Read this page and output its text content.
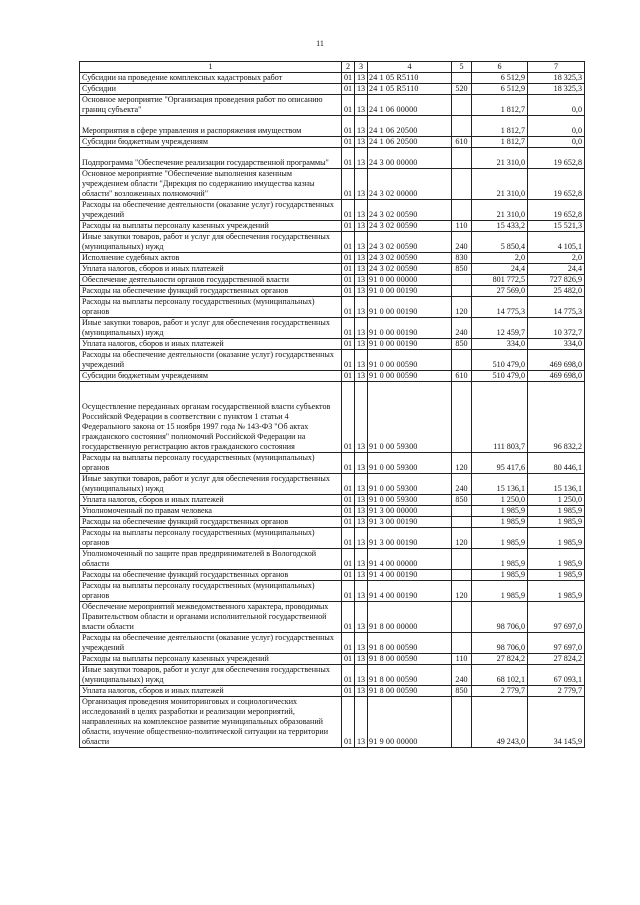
11
1	2	3	4	5	6	7
Субсидии на проведение комплексных кадастровых работ	01	13	24 1 05 R5110		6 512,9	18 325,3
Субсидии	01	13	24 1 05 R5110	520	6 512,9	18 325,3
Основное мероприятие "Организация проведения работ по описанию границ субъекта"	01	13	24 1 06 00000		1 812,7	0,0
Мероприятия в сфере управления и распоряжения имуществом	01	13	24 1 06 20500		1 812,7	0,0
Субсидии бюджетным учреждениям	01	13	24 1 06 20500	610	1 812,7	0,0
Подпрограмма "Обеспечение реализации государственной программы"	01	13	24 3 00 00000		21 310,0	19 652,8
Основное мероприятие "Обеспечение выполнения казенным учреждением области "Дирекция по содержанию имущества казны области" возложенных полномочий"	01	13	24 3 02 00000		21 310,0	19 652,8
Расходы на обеспечение деятельности (оказание услуг) государственных учреждений	01	13	24 3 02 00590		21 310,0	19 652,8
Расходы на выплаты персоналу казенных учреждений	01	13	24 3 02 00590	110	15 433,2	15 521,3
Иные закупки товаров, работ и услуг для обеспечения государственных (муниципальных) нужд	01	13	24 3 02 00590	240	5 850,4	4 105,1
Исполнение судебных актов	01	13	24 3 02 00590	830	2,0	2,0
Уплата налогов, сборов и иных платежей	01	13	24 3 02 00590	850	24,4	24,4
Обеспечение деятельности органов государственной власти	01	13	91 0 00 00000		801 772,5	727 826,9
Расходы на обеспечение функций государственных органов	01	13	91 0 00 00190		27 569,0	25 482,0
Расходы на выплаты персоналу государственных (муниципальных) органов	01	13	91 0 00 00190	120	14 775,3	14 775,3
Иные закупки товаров, работ и услуг для обеспечения государственных (муниципальных) нужд	01	13	91 0 00 00190	240	12 459,7	10 372,7
Уплата налогов, сборов и иных платежей	01	13	91 0 00 00190	850	334,0	334,0
Расходы на обеспечение деятельности (оказание услуг) государственных учреждений	01	13	91 0 00 00590		510 479,0	469 698,0
Субсидии бюджетным учреждениям	01	13	91 0 00 00590	610	510 479,0	469 698,0
Осуществление переданных органам государственной власти субъектов Российской Федерации в соответствии с пунктом 1 статьи 4 Федерального закона от 15 ноября 1997 года № 143-ФЗ "Об актах гражданского состояния" полномочий Российской Федерации на государственную регистрацию актов гражданского состояния	01	13	91 0 00 59300		111 803,7	96 832,2
Расходы на выплаты персоналу государственных (муниципальных) органов	01	13	91 0 00 59300	120	95 417,6	80 446,1
Иные закупки товаров, работ и услуг для обеспечения государственных (муниципальных) нужд	01	13	91 0 00 59300	240	15 136,1	15 136,1
Уплата налогов, сборов и иных платежей	01	13	91 0 00 59300	850	1 250,0	1 250,0
Уполномоченный по правам человека	01	13	91 3 00 00000		1 985,9	1 985,9
Расходы на обеспечение функций государственных органов	01	13	91 3 00 00190		1 985,9	1 985,9
Расходы на выплаты персоналу государственных (муниципальных) органов	01	13	91 3 00 00190	120	1 985,9	1 985,9
Уполномоченный по защите прав предпринимателей в Вологодской области	01	13	91 4 00 00000		1 985,9	1 985,9
Расходы на обеспечение функций государственных органов	01	13	91 4 00 00190		1 985,9	1 985,9
Расходы на выплаты персоналу государственных (муниципальных) органов	01	13	91 4 00 00190	120	1 985,9	1 985,9
Обеспечение мероприятий межведомственного характера, проводимых Правительством области и органами исполнительной государственной власти области	01	13	91 8 00 00000		98 706,0	97 697,0
Расходы на обеспечение деятельности (оказание услуг) государственных учреждений	01	13	91 8 00 00590		98 706,0	97 697,0
Расходы на выплаты персоналу казенных учреждений	01	13	91 8 00 00590	110	27 824,2	27 824,2
Иные закупки товаров, работ и услуг для обеспечения государственных (муниципальных) нужд	01	13	91 8 00 00590	240	68 102,1	67 093,1
Уплата налогов, сборов и иных платежей	01	13	91 8 00 00590	850	2 779,7	2 779,7
Организация проведения мониторинговых и социологических исследований в целях разработки и реализации мероприятий, направленных на комплексное развитие муниципальных образований области, изучение общественно-политической ситуации на территории области	01	13	91 9 00 00000		49 243,0	34 145,9
